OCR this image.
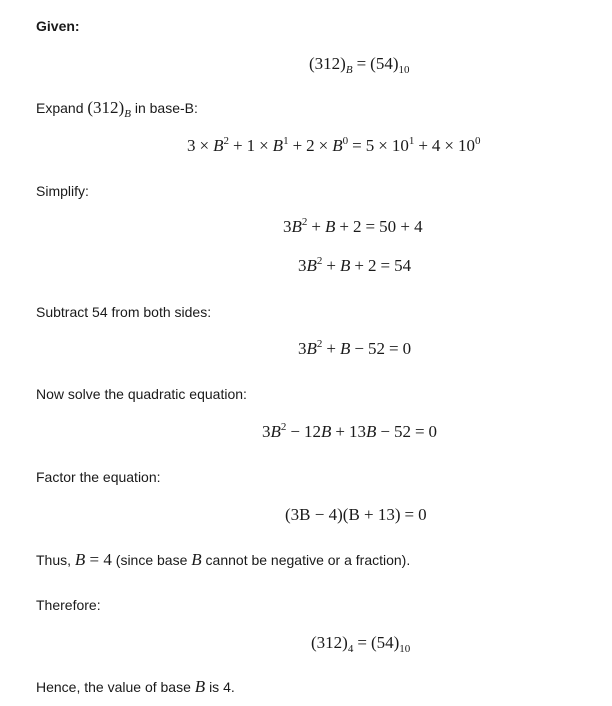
Given:
$(312)_B = (54)_{10}$
Expand $(312)_B$ in base-B:
$3 \times B^2 + 1 \times B^1 + 2 \times B^0 = 5 \times 10^1 + 4 \times 10^0$
Simplify:
$3B^2 + B + 2 = 50 + 4$
$3B^2 + B + 2 = 54$
Subtract 54 from both sides:
$3B^2 + B - 52 = 0$
Now solve the quadratic equation:
$3B^2 - 12B + 13B - 52 = 0$
Factor the equation:
(3B − 4)(B + 13) = 0
Thus, B = 4 (since base B cannot be negative or a fraction).
Therefore:
$(312)_4 = (54)_{10}$
Hence, the value of base B is 4.
